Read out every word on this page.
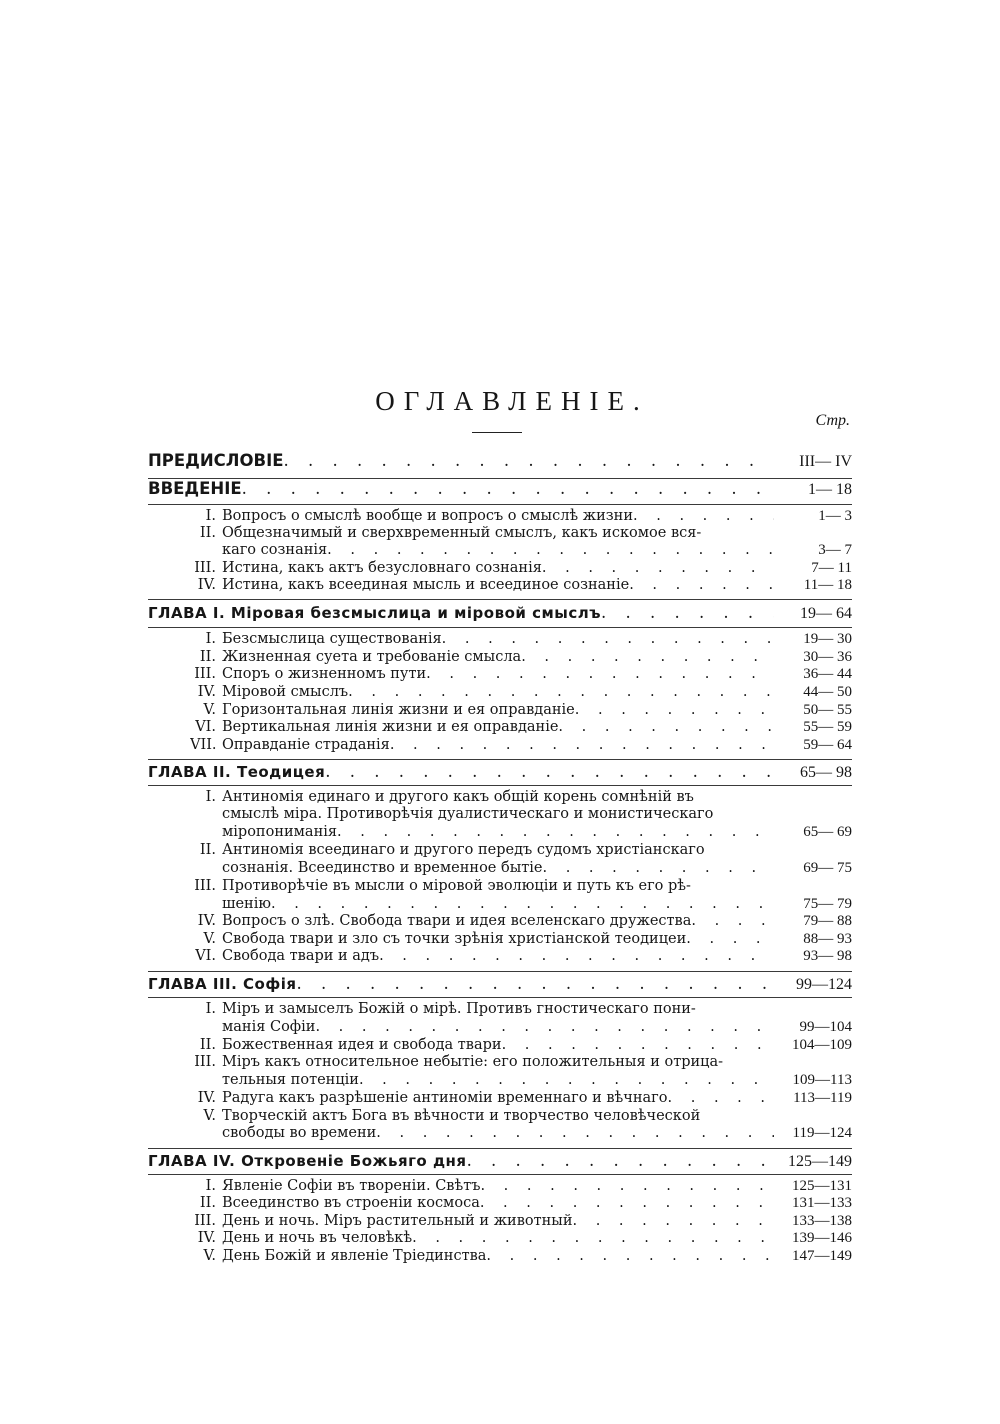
ОГЛАВЛЕНІЕ.
Стр.
ПРЕДИСЛОВІЕ . . .	III— IV
ВВЕДЕНІЕ . . .	1— 18
I. Вопросъ о смыслѣ вообще и вопросъ о смыслѣ жизни . . .	1— 3
II. Общезначимый и сверхвременный смыслъ, какъ искомое вся-
каго сознанія . . .	3— 7
III. Истина, какъ актъ безусловнаго сознанія . . .	7— 11
IV. Истина, какъ всеединая мысль и всеединое сознаніе . . .	11— 18
ГЛАВА I. Міровая безсмыслица и міровой смыслъ . . .	19— 64
I. Безсмыслица существованія . . .	19— 30
II. Жизненная суета и требованіе смысла . . .	30— 36
III. Споръ о жизненномъ пути . . .	36— 44
IV. Міровой смыслъ . . .	44— 50
V. Горизонтальная линія жизни и ея оправданіе . . .	50— 55
VI. Вертикальная линія жизни и ея оправданіе . . .	55— 59
VII. Оправданіе страданія . . .	59— 64
ГЛАВА II. Теодицея . . .	65— 98
I. Антиномія единаго и другого какъ общій корень сомнѣній въ
смыслѣ міра. Противорѣчія дуалистическаго и монистическаго
міропониманія . . .	65— 69
II. Антиномія всеединаго и другого передъ судомъ христіанскаго
сознанія. Всеединство и временное бытіе . . .	69— 75
III. Противорѣчіе въ мысли о міровой эволюціи и путь къ его рѣ-
шенію . . .	75— 79
IV. Вопросъ о злѣ. Свобода твари и идея вселенскаго дружества . . .	79— 88
V. Свобода твари и зло съ точки зрѣнія христіанской теодицеи . . .	88— 93
VI. Свобода твари и адъ . . .	93— 98
ГЛАВА III. Софія . . .	99—124
I. Міръ и замыселъ Божій о мірѣ. Противъ гностическаго пони-
манія Софіи . . .	99—104
II. Божественная идея и свобода твари . . .	104—109
III. Міръ какъ относительное небытіе: его положительныя и отрица-
тельныя потенціи . . .	109—113
IV. Радуга какъ разрѣшеніе антиноміи временнаго и вѣчнаго . . .	113—119
V. Творческій актъ Бога въ вѣчности и творчество человѣческой
свободы во времени . . .	119—124
ГЛАВА IV. Откровеніе Божьяго дня . . .	125—149
I. Явленіе Софіи въ твореніи. Свѣтъ . . .	125—131
II. Всеединство въ строеніи космоса . . .	131—133
III. День и ночь. Міръ растительный и животный . . .	133—138
IV. День и ночь въ человѣкѣ . . .	139—146
V. День Божій и явленіе Тріединства . . .	147—149
